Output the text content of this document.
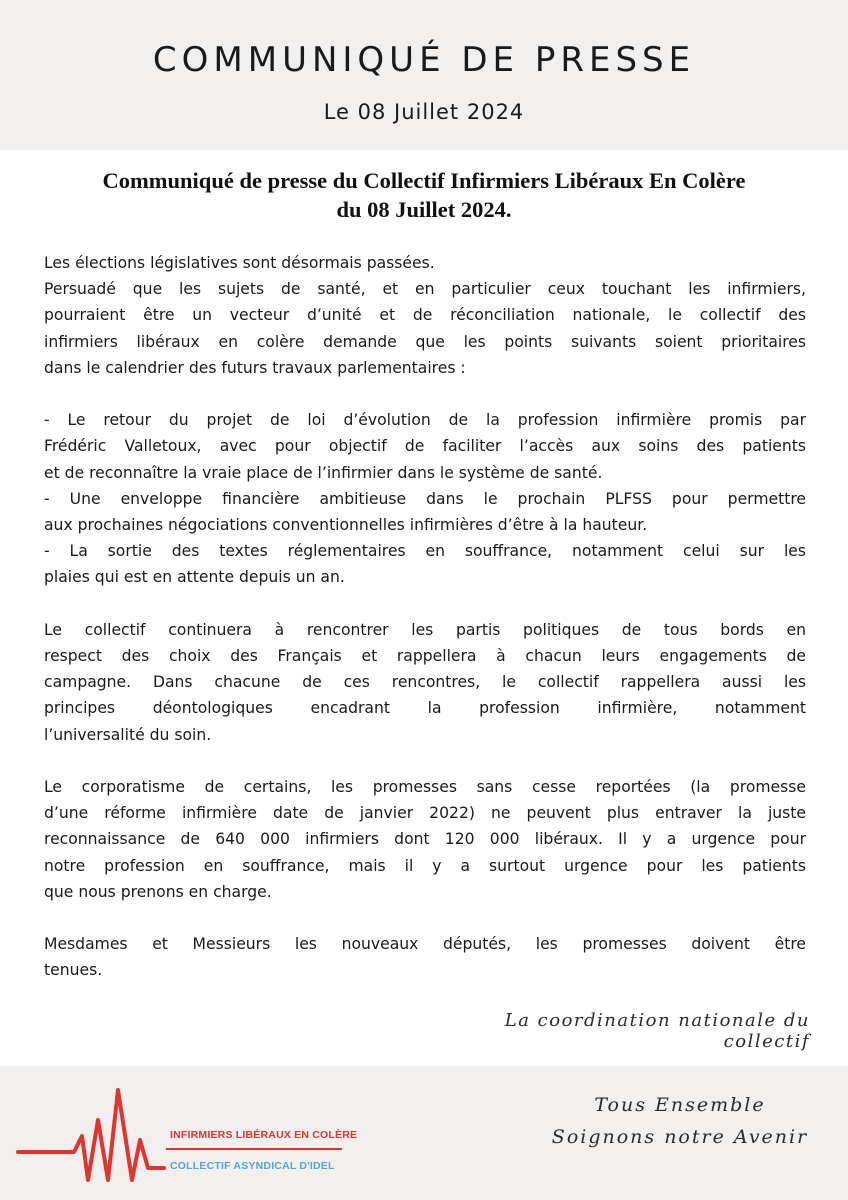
COMMUNIQUÉ DE PRESSE
Le 08 Juillet 2024
Communiqué de presse du Collectif Infirmiers Libéraux En Colère
du 08 Juillet 2024.
Les élections législatives sont désormais passées.
Persuadé que les sujets de santé, et en particulier ceux touchant les infirmiers,
pourraient être un vecteur d’unité et de réconciliation nationale, le collectif des
infirmiers libéraux en colère demande que les points suivants soient prioritaires
dans le calendrier des futurs travaux parlementaires :
- Le retour du projet de loi d’évolution de la profession infirmière promis par
Frédéric Valletoux, avec pour objectif de faciliter l’accès aux soins des patients
et de reconnaître la vraie place de l’infirmier dans le système de santé.
- Une enveloppe financière ambitieuse dans le prochain PLFSS pour permettre
aux prochaines négociations conventionnelles infirmières d’être à la hauteur.
- La sortie des textes réglementaires en souffrance, notamment celui sur les
plaies qui est en attente depuis un an.
Le collectif continuera à rencontrer les partis politiques de tous bords en
respect des choix des Français et rappellera à chacun leurs engagements de
campagne. Dans chacune de ces rencontres, le collectif rappellera aussi les
principes déontologiques encadrant la profession infirmière, notamment
l’universalité du soin.
Le corporatisme de certains, les promesses sans cesse reportées (la promesse
d’une réforme infirmière date de janvier 2022) ne peuvent plus entraver la juste
reconnaissance de 640 000 infirmiers dont 120 000 libéraux. Il y a urgence pour
notre profession en souffrance, mais il y a surtout urgence pour les patients
que nous prenons en charge.
Mesdames et Messieurs les nouveaux députés, les promesses doivent être
tenues.
La coordination nationale du collectif
INFIRMIERS LIBÉRAUX EN COLÈRE
COLLECTIF ASYNDICAL D'IDEL
Tous Ensemble
Soignons notre Avenir
